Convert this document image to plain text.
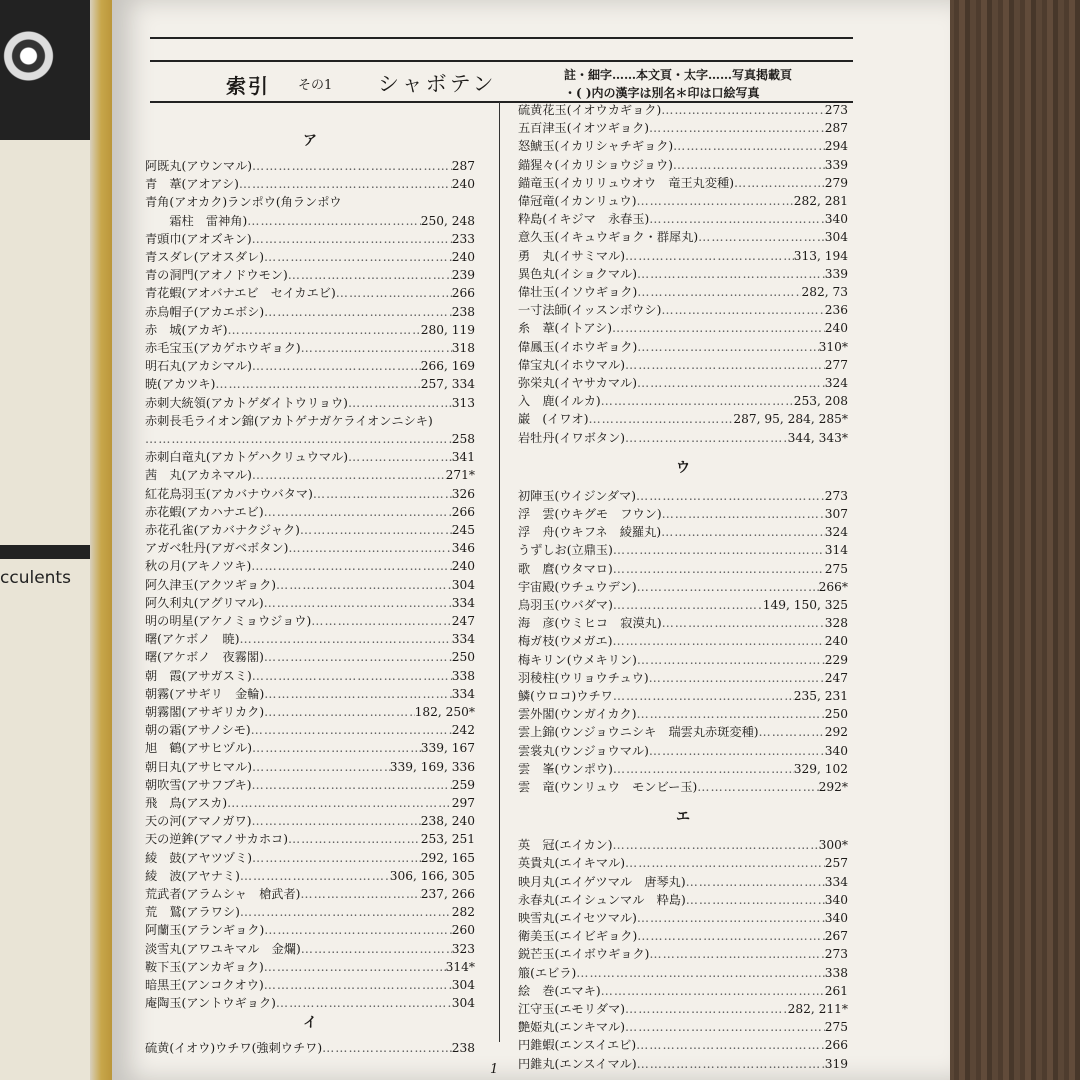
cculents
索引 その1 シャボテン	註・細字……本文頁・太字……写真掲載頁
・( )内の漢字は別名＊印は口絵写真
ア
阿既丸(アウンマル) ………………………………………………………………………………………………………………………………	287
青　葦(アオアシ) ………………………………………………………………………………………………………………………………	240
青角(アオカク)ランポウ(角ランポウ
　　霜柱　雷神角) ………………………………………………………………………………………………………………………………	250, 248
青頭巾(アオズキン) ………………………………………………………………………………………………………………………………	233
青スダレ(アオスダレ) ………………………………………………………………………………………………………………………………	240
青の洞門(アオノドウモン) ………………………………………………………………………………………………………………………………	239
青花蝦(アオバナエビ　セイカエビ) ………………………………………………………………………………………………………………………………	266
赤烏帽子(アカエボシ) ………………………………………………………………………………………………………………………………	238
赤　城(アカギ) ………………………………………………………………………………………………………………………………	280, 119
赤毛宝玉(アカゲホウギョク) ………………………………………………………………………………………………………………………………	318
明石丸(アカシマル) ………………………………………………………………………………………………………………………………	266, 169
暁(アカツキ) ………………………………………………………………………………………………………………………………	257, 334
赤刺大統領(アカトゲダイトウリョウ) ………………………………………………………………………………………………………………………………	313
赤刺長毛ライオン錦(アカトゲナガケライオンニシキ)
………………………………………………………………………………………………………………………………
258
赤刺白竜丸(アカトゲハクリュウマル) ………………………………………………………………………………………………………………………………	341
茜　丸(アカネマル) ………………………………………………………………………………………………………………………………	271*
紅花鳥羽玉(アカバナウバタマ) ………………………………………………………………………………………………………………………………	326
赤花蝦(アカハナエビ) ………………………………………………………………………………………………………………………………	266
赤花孔雀(アカバナクジャク) ………………………………………………………………………………………………………………………………	245
アガベ牡丹(アガベボタン) ………………………………………………………………………………………………………………………………	346
秋の月(アキノツキ) ………………………………………………………………………………………………………………………………	240
阿久津玉(アクツギョク) ………………………………………………………………………………………………………………………………	304
阿久利丸(アグリマル) ………………………………………………………………………………………………………………………………	334
明の明星(アケノミョウジョウ) ………………………………………………………………………………………………………………………………	247
曙(アケボノ　暁) ………………………………………………………………………………………………………………………………	334
曙(アケボノ　夜霧閣) ………………………………………………………………………………………………………………………………	250
朝　霞(アサガスミ) ………………………………………………………………………………………………………………………………	338
朝霧(アサギリ　金輪) ………………………………………………………………………………………………………………………………	334
朝霧閣(アサギリカク) ………………………………………………………………………………………………………………………………	182, 250*
朝の霜(アサノシモ) ………………………………………………………………………………………………………………………………	242
旭　鶴(アサヒヅル) ………………………………………………………………………………………………………………………………	339, 167
朝日丸(アサヒマル) ………………………………………………………………………………………………………………………………	339, 169, 336
朝吹雪(アサフブキ) ………………………………………………………………………………………………………………………………	259
飛　鳥(アスカ) ………………………………………………………………………………………………………………………………	297
天の河(アマノガワ) ………………………………………………………………………………………………………………………………	238, 240
天の逆鉾(アマノサカホコ) ………………………………………………………………………………………………………………………………	253, 251
綾　鼓(アヤツヅミ) ………………………………………………………………………………………………………………………………	292, 165
綾　波(アヤナミ) ………………………………………………………………………………………………………………………………	306, 166, 305
荒武者(アラムシャ　槍武者) ………………………………………………………………………………………………………………………………	237, 266
荒　鷲(アラワシ) ………………………………………………………………………………………………………………………………	282
阿蘭玉(アランギョク) ………………………………………………………………………………………………………………………………	260
淡雪丸(アワユキマル　金爛) ………………………………………………………………………………………………………………………………	323
鞍下玉(アンカギョク) ………………………………………………………………………………………………………………………………	314*
暗黒王(アンコクオウ) ………………………………………………………………………………………………………………………………	304
庵陶玉(アントウギョク) ………………………………………………………………………………………………………………………………	304
イ
硫黄(イオウ)ウチワ(強刺ウチワ) ………………………………………………………………………………………………………………………………	238
硫黄花玉(イオウカギョク) ………………………………………………………………………………………………………………………………	273
五百津玉(イオツギョク) ………………………………………………………………………………………………………………………………	287
怒鯱玉(イカリシャチギョク) ………………………………………………………………………………………………………………………………	294
錨猩々(イカリショウジョウ) ………………………………………………………………………………………………………………………………	339
錨竜玉(イカリリュウオウ　竜王丸変種) ………………………………………………………………………………………………………………………………	279
偉冠竜(イカンリュウ) ………………………………………………………………………………………………………………………………	282, 281
粋島(イキジマ　永春玉) ………………………………………………………………………………………………………………………………	340
意久玉(イキュウギョク・群犀丸) ………………………………………………………………………………………………………………………………	304
勇　丸(イサミマル) ………………………………………………………………………………………………………………………………	313, 194
異色丸(イショクマル) ………………………………………………………………………………………………………………………………	339
偉壮玉(イソウギョク) ………………………………………………………………………………………………………………………………	282, 73
一寸法師(イッスンボウシ) ………………………………………………………………………………………………………………………………	236
糸　葦(イトアシ) ………………………………………………………………………………………………………………………………	240
偉鳳玉(イホウギョク) ………………………………………………………………………………………………………………………………	310*
偉宝丸(イホウマル) ………………………………………………………………………………………………………………………………	277
弥栄丸(イヤサカマル) ………………………………………………………………………………………………………………………………	324
入　鹿(イルカ) ………………………………………………………………………………………………………………………………	253, 208
巌　(イワオ) ………………………………………………………………………………………………………………………………	287, 95, 284, 285*
岩牡丹(イワボタン) ………………………………………………………………………………………………………………………………	344, 343*
ウ
初陣玉(ウイジンダマ) ………………………………………………………………………………………………………………………………	273
浮　雲(ウキグモ　フウン) ………………………………………………………………………………………………………………………………	307
浮　舟(ウキフネ　綾羅丸) ………………………………………………………………………………………………………………………………	324
うずしお(立鼎玉) ………………………………………………………………………………………………………………………………	314
歌　麿(ウタマロ) ………………………………………………………………………………………………………………………………	275
宇宙殿(ウチュウデン) ………………………………………………………………………………………………………………………………	266*
烏羽玉(ウバダマ) ………………………………………………………………………………………………………………………………	149, 150, 325
海　彦(ウミヒコ　寂漠丸) ………………………………………………………………………………………………………………………………	328
梅ガ枝(ウメガエ) ………………………………………………………………………………………………………………………………	240
梅キリン(ウメキリン) ………………………………………………………………………………………………………………………………	229
羽稜柱(ウリョウチュウ) ………………………………………………………………………………………………………………………………	247
鱗(ウロコ)ウチワ ………………………………………………………………………………………………………………………………	235, 231
雲外閣(ウンガイカク) ………………………………………………………………………………………………………………………………	250
雲上錦(ウンジョウニシキ　瑞雲丸赤斑変種) ………………………………………………………………………………………………………………………………	292
雲裳丸(ウンジョウマル) ………………………………………………………………………………………………………………………………	340
雲　峯(ウンポウ) ………………………………………………………………………………………………………………………………	329, 102
雲　竜(ウンリュウ　モンビー玉) ………………………………………………………………………………………………………………………………	292*
エ
英　冠(エイカン) ………………………………………………………………………………………………………………………………	300*
英貴丸(エイキマル) ………………………………………………………………………………………………………………………………	257
映月丸(エイゲツマル　唐琴丸) ………………………………………………………………………………………………………………………………	334
永春丸(エイシュンマル　粋島) ………………………………………………………………………………………………………………………………	340
映雪丸(エイセツマル) ………………………………………………………………………………………………………………………………	340
衛美玉(エイビギョク) ………………………………………………………………………………………………………………………………	267
鋭芒玉(エイボウギョク) ………………………………………………………………………………………………………………………………	273
箙(エビラ) ………………………………………………………………………………………………………………………………	338
絵　巻(エマキ) ………………………………………………………………………………………………………………………………	261
江守玉(エモリダマ) ………………………………………………………………………………………………………………………………	282, 211*
艶姫丸(エンキマル) ………………………………………………………………………………………………………………………………	275
円錐蝦(エンスイエビ) ………………………………………………………………………………………………………………………………	266
円錐丸(エンスイマル) ………………………………………………………………………………………………………………………………	319
1
